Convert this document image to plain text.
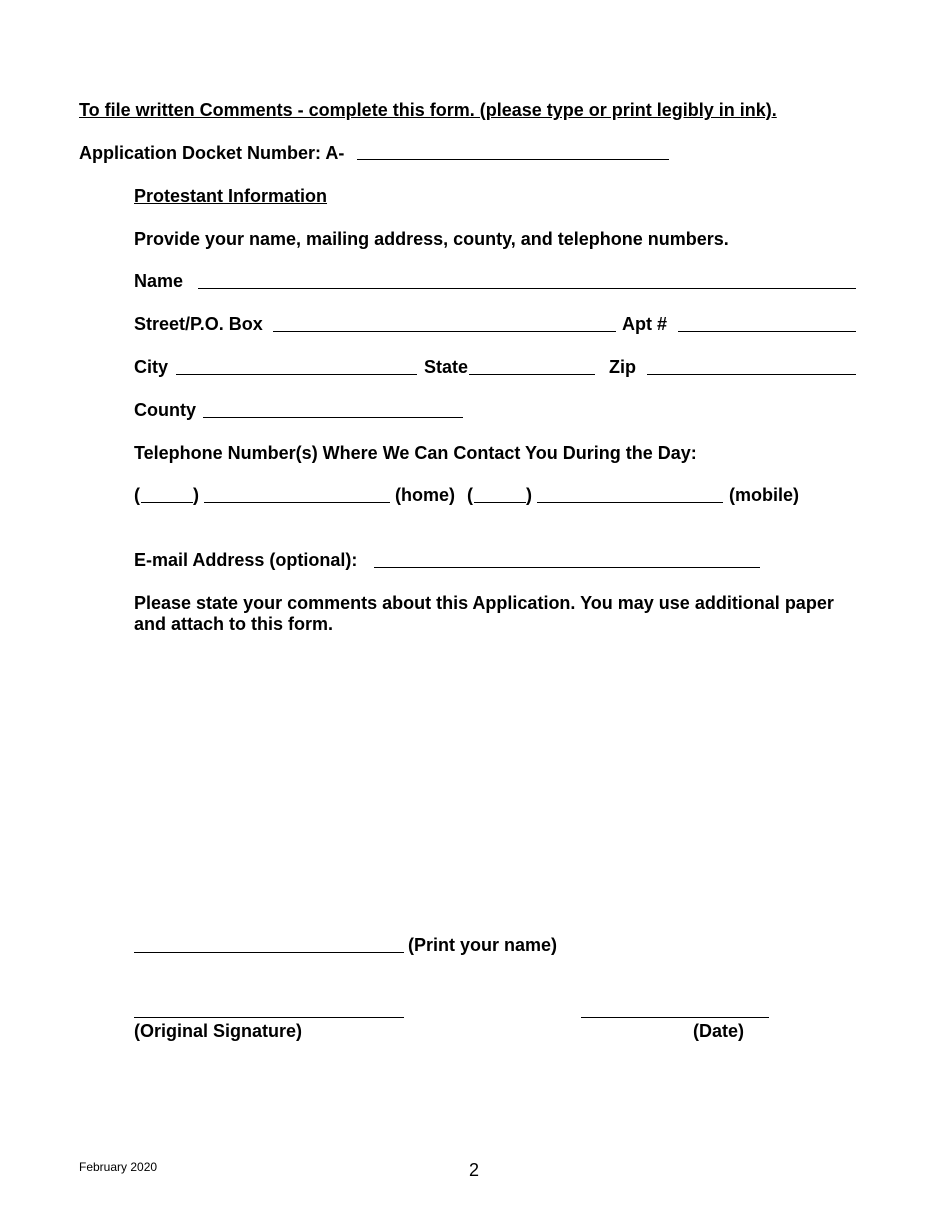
To file written Comments - complete this form. (please type or print legibly in ink).
Application Docket Number: A-
Protestant Information
Provide your name, mailing address, county, and telephone numbers.
Name
Street/P.O. Box	Apt #
City	State	Zip
County
Telephone Number(s) Where We Can Contact You During the Day:
(	)	(home) (	)	(mobile)
E-mail Address (optional):
Please state your comments about this Application. You may use additional paper
and attach to this form.
(Print your name)
(Original Signature)	(Date)
February 2020	2
